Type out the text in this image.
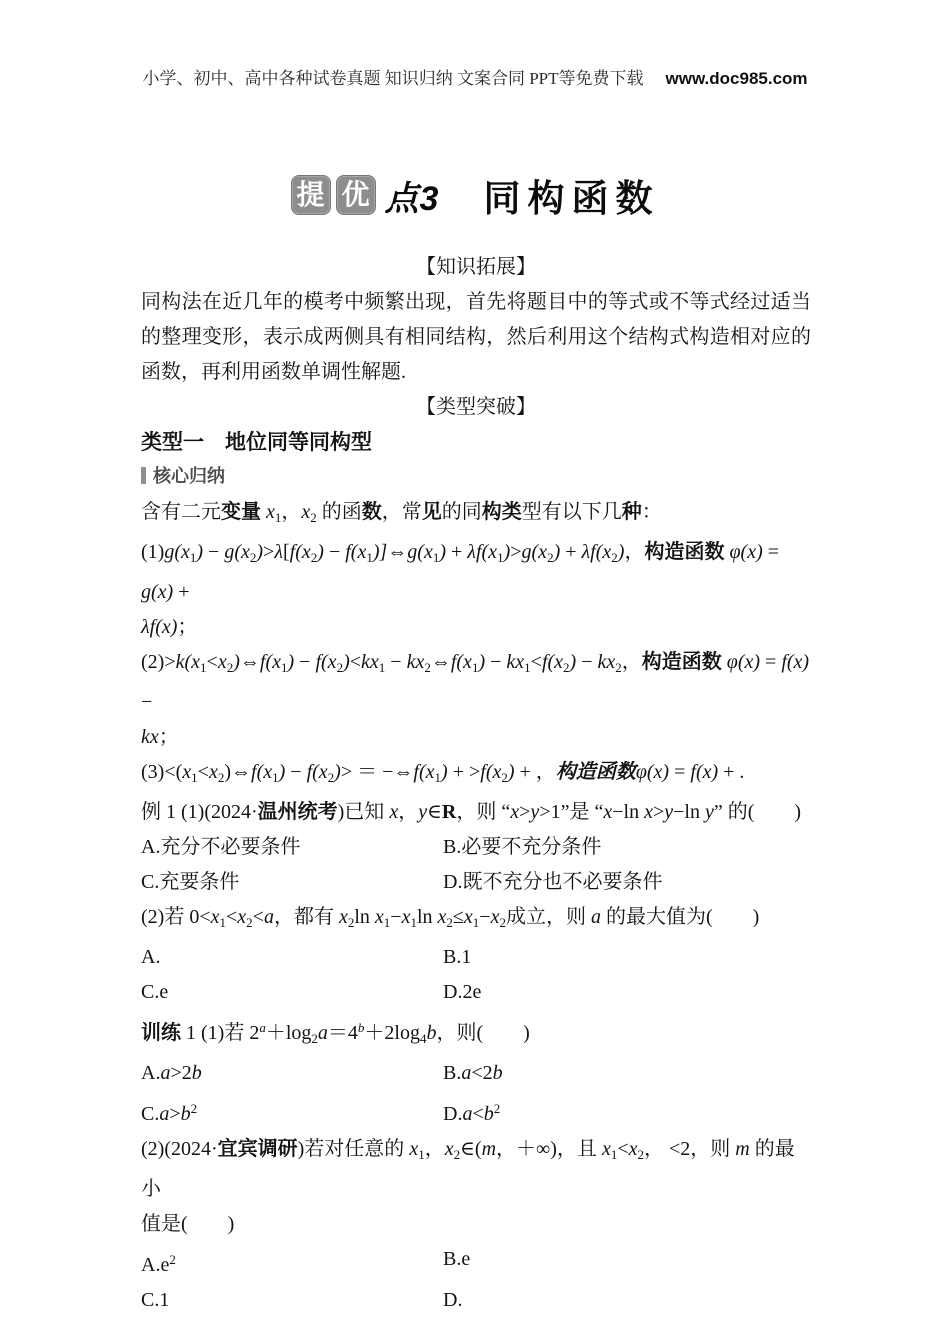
小学、初中、高中各种试卷真题 知识归纳 文案合同 PPT等免费下载 www.doc985.com
提 优 点3 同构函数
【知识拓展】
同构法在近几年的模考中频繁出现，首先将题目中的等式或不等式经过适当的整理变形，表示成两侧具有相同结构，然后利用这个结构式构造相对应的函数，再利用函数单调性解题.
【类型突破】
类型一　地位同等同构型
核心归纳
含有二元变量 $x_1$，$x_2$ 的函数，常见的同构类型有以下几种：
$(1)g(x_1) - g(x_2)>\lambda[f(x_2)$ − $f(x_1)]\Leftrightarrow g(x_1) + \lambda f(x_1)>g(x_2) + \lambda f(x_2)$，构造函数 φ(x) = g(x) +
λf(x)；
$(2)>k(x_1<x_2)\Leftrightarrow f(x_1) - f(x_2)<kx_1$ − $kx_2\Leftrightarrow f(x_1) - kx_1<f(x_2) - kx_2$，构造函数 φ(x) = f(x) −
kx；
$(3)<(x_1<x_2)\Leftrightarrow f(x_1) - f(x_2)>$ ＝ $-\Leftrightarrow f(x_1) + >f(x_2)$ + ，构造函数φ(x) = f(x) + .
例 1 (1)(2024·温州统考)已知 x，y∈R，则 “x>y>1”是 “x−ln x>y−ln y” 的(　　)
A.充分不必要条件	B.必要不充分条件
C.充要条件	D.既不充分也不必要条件
(2)若 $0<x_1<x_2<a$，都有 $x_2\ln$ $x_1-x_1\ln$ $x_2\le x_1-x_2$成立，则 a 的最大值为(　　)
A.	B.1
C.e	D.2e
训练 1 (1)若 $2^a+\log_2a=4^b+2\log_4b$，则(　　)
A.a>2b	B.a<2b
$C.a>b^2$	$D.a<b^2$
(2)(2024·宜宾调研)若对任意的 $x_1$，$x_2\in(m$，＋∞)，且 $x_1<x_2$， <2，则 m 的最小
值是(　　)
$A.e^2$	B.e
C.1	D.
